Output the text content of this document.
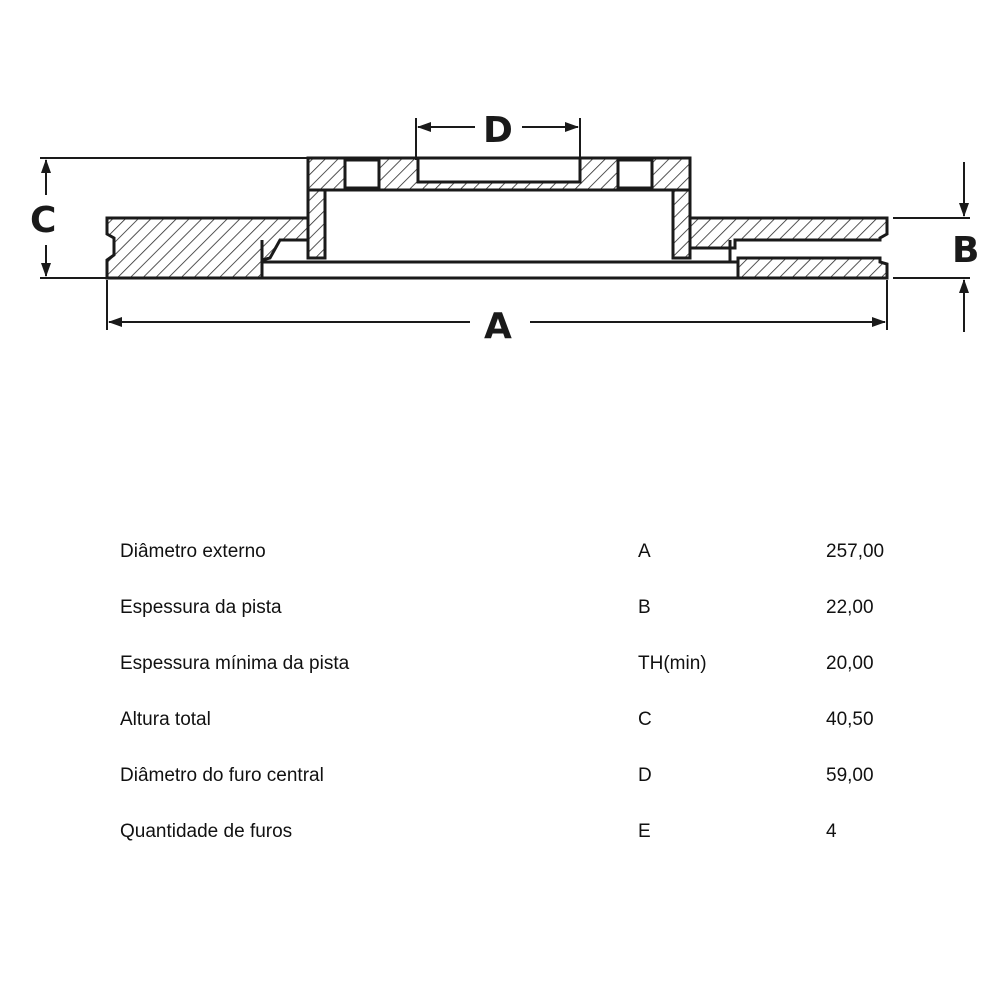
C
A
D
B
Diâmetro externo	A	257,00
Espessura da pista	B	22,00
Espessura mínima da pista	TH(min)	20,00
Altura total	C	40,50
Diâmetro do furo central	D	59,00
Quantidade de furos	E	4
